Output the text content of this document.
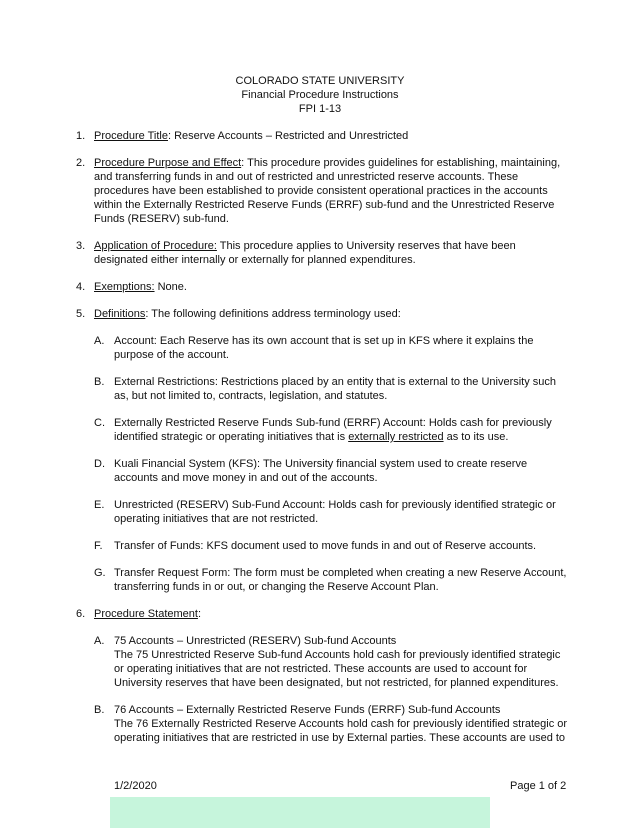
COLORADO STATE UNIVERSITY
Financial Procedure Instructions
FPI 1-13
1. Procedure Title: Reserve Accounts – Restricted and Unrestricted

2. Procedure Purpose and Effect: This procedure provides guidelines for establishing, maintaining, and transferring funds in and out of restricted and unrestricted reserve accounts. These procedures have been established to provide consistent operational practices in the accounts within the Externally Restricted Reserve Funds (ERRF) sub-fund and the Unrestricted Reserve Funds (RESERV) sub-fund.

3. Application of Procedure: This procedure applies to University reserves that have been designated either internally or externally for planned expenditures.

4. Exemptions: None.

5. Definitions: The following definitions address terminology used:

A. Account: Each Reserve has its own account that is set up in KFS where it explains the purpose of the account.

B. External Restrictions: Restrictions placed by an entity that is external to the University such as, but not limited to, contracts, legislation, and statutes.

C. Externally Restricted Reserve Funds Sub-fund (ERRF) Account: Holds cash for previously identified strategic or operating initiatives that is externally restricted as to its use.

D. Kuali Financial System (KFS): The University financial system used to create reserve accounts and move money in and out of the accounts.

E. Unrestricted (RESERV) Sub-Fund Account: Holds cash for previously identified strategic or operating initiatives that are not restricted.

F. Transfer of Funds: KFS document used to move funds in and out of Reserve accounts.

G. Transfer Request Form: The form must be completed when creating a new Reserve Account, transferring funds in or out, or changing the Reserve Account Plan.

6. Procedure Statement:

A. 75 Accounts – Unrestricted (RESERV) Sub-fund Accounts

The 75 Unrestricted Reserve Sub-fund Accounts hold cash for previously identified strategic or operating initiatives that are not restricted. These accounts are used to account for University reserves that have been designated, but not restricted, for planned expenditures.

B. 76 Accounts – Externally Restricted Reserve Funds (ERRF) Sub-fund Accounts

The 76 Externally Restricted Reserve Accounts hold cash for previously identified strategic or operating initiatives that are restricted in use by External parties. These accounts are used to

1/2/2020	Page 1 of 2
